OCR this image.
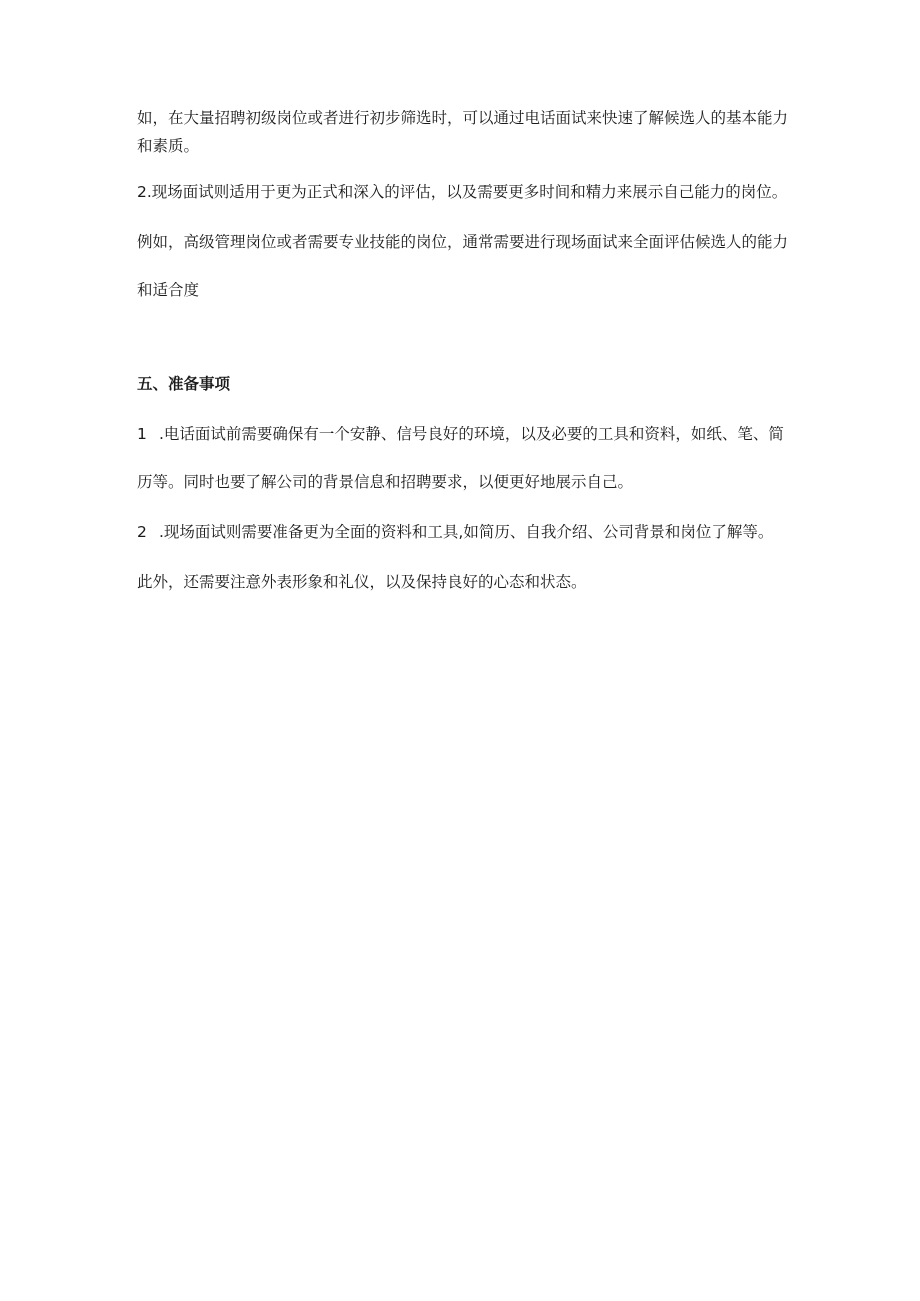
如，在大量招聘初级岗位或者进行初步筛选时，可以通过电话面试来快速了解候选人的基本能力
和素质。
2.现场面试则适用于更为正式和深入的评估，以及需要更多时间和精力来展示自己能力的岗位。
例如，高级管理岗位或者需要专业技能的岗位，通常需要进行现场面试来全面评估候选人的能力
和适合度
五、准备事项
1 .电话面试前需要确保有一个安静、信号良好的环境，以及必要的工具和资料，如纸、笔、简
历等。同时也要了解公司的背景信息和招聘要求，以便更好地展示自己。
2 .现场面试则需要准备更为全面的资料和工具,如简历、自我介绍、公司背景和岗位了解等。
此外，还需要注意外表形象和礼仪，以及保持良好的心态和状态。
